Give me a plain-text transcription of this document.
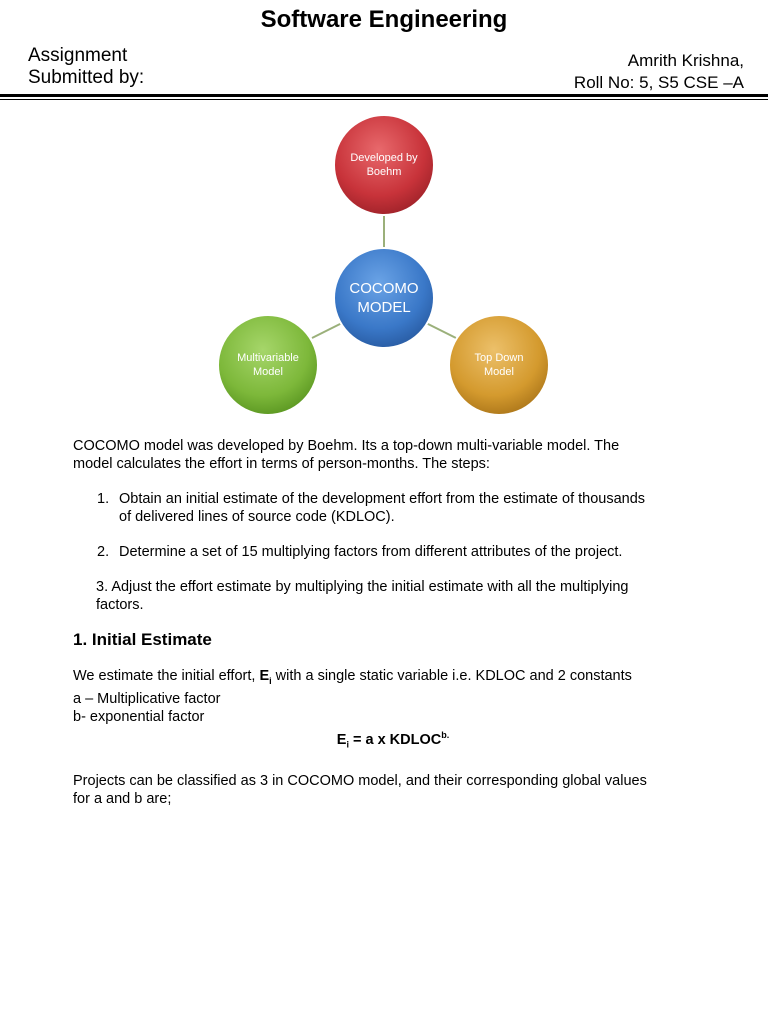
Software Engineering
Assignment
Submitted by:
Amrith Krishna,
Roll No: 5, S5 CSE –A
Developed by
Boehm
COCOMO
MODEL
Multivariable
Model
Top Down
Model

COCOMO model was developed by Boehm. Its a top-down multi-variable model. The
model calculates the effort in terms of person-months. The steps:

1. Obtain an initial estimate of the development effort from the estimate of thousands
of delivered lines of source code (KDLOC).
2. Determine a set of 15 multiplying factors from different attributes of the project.
3. Adjust the effort estimate by multiplying the initial estimate with all the multiplying
factors.

1. Initial Estimate

We estimate the initial effort, $E_i$ with a single static variable i.e. KDLOC and 2 constants
a – Multiplicative factor
b- exponential factor

$E_i = a$ x $KDLOC^{b.}$

Projects can be classified as 3 in COCOMO model, and their corresponding global values
for a and b are;
